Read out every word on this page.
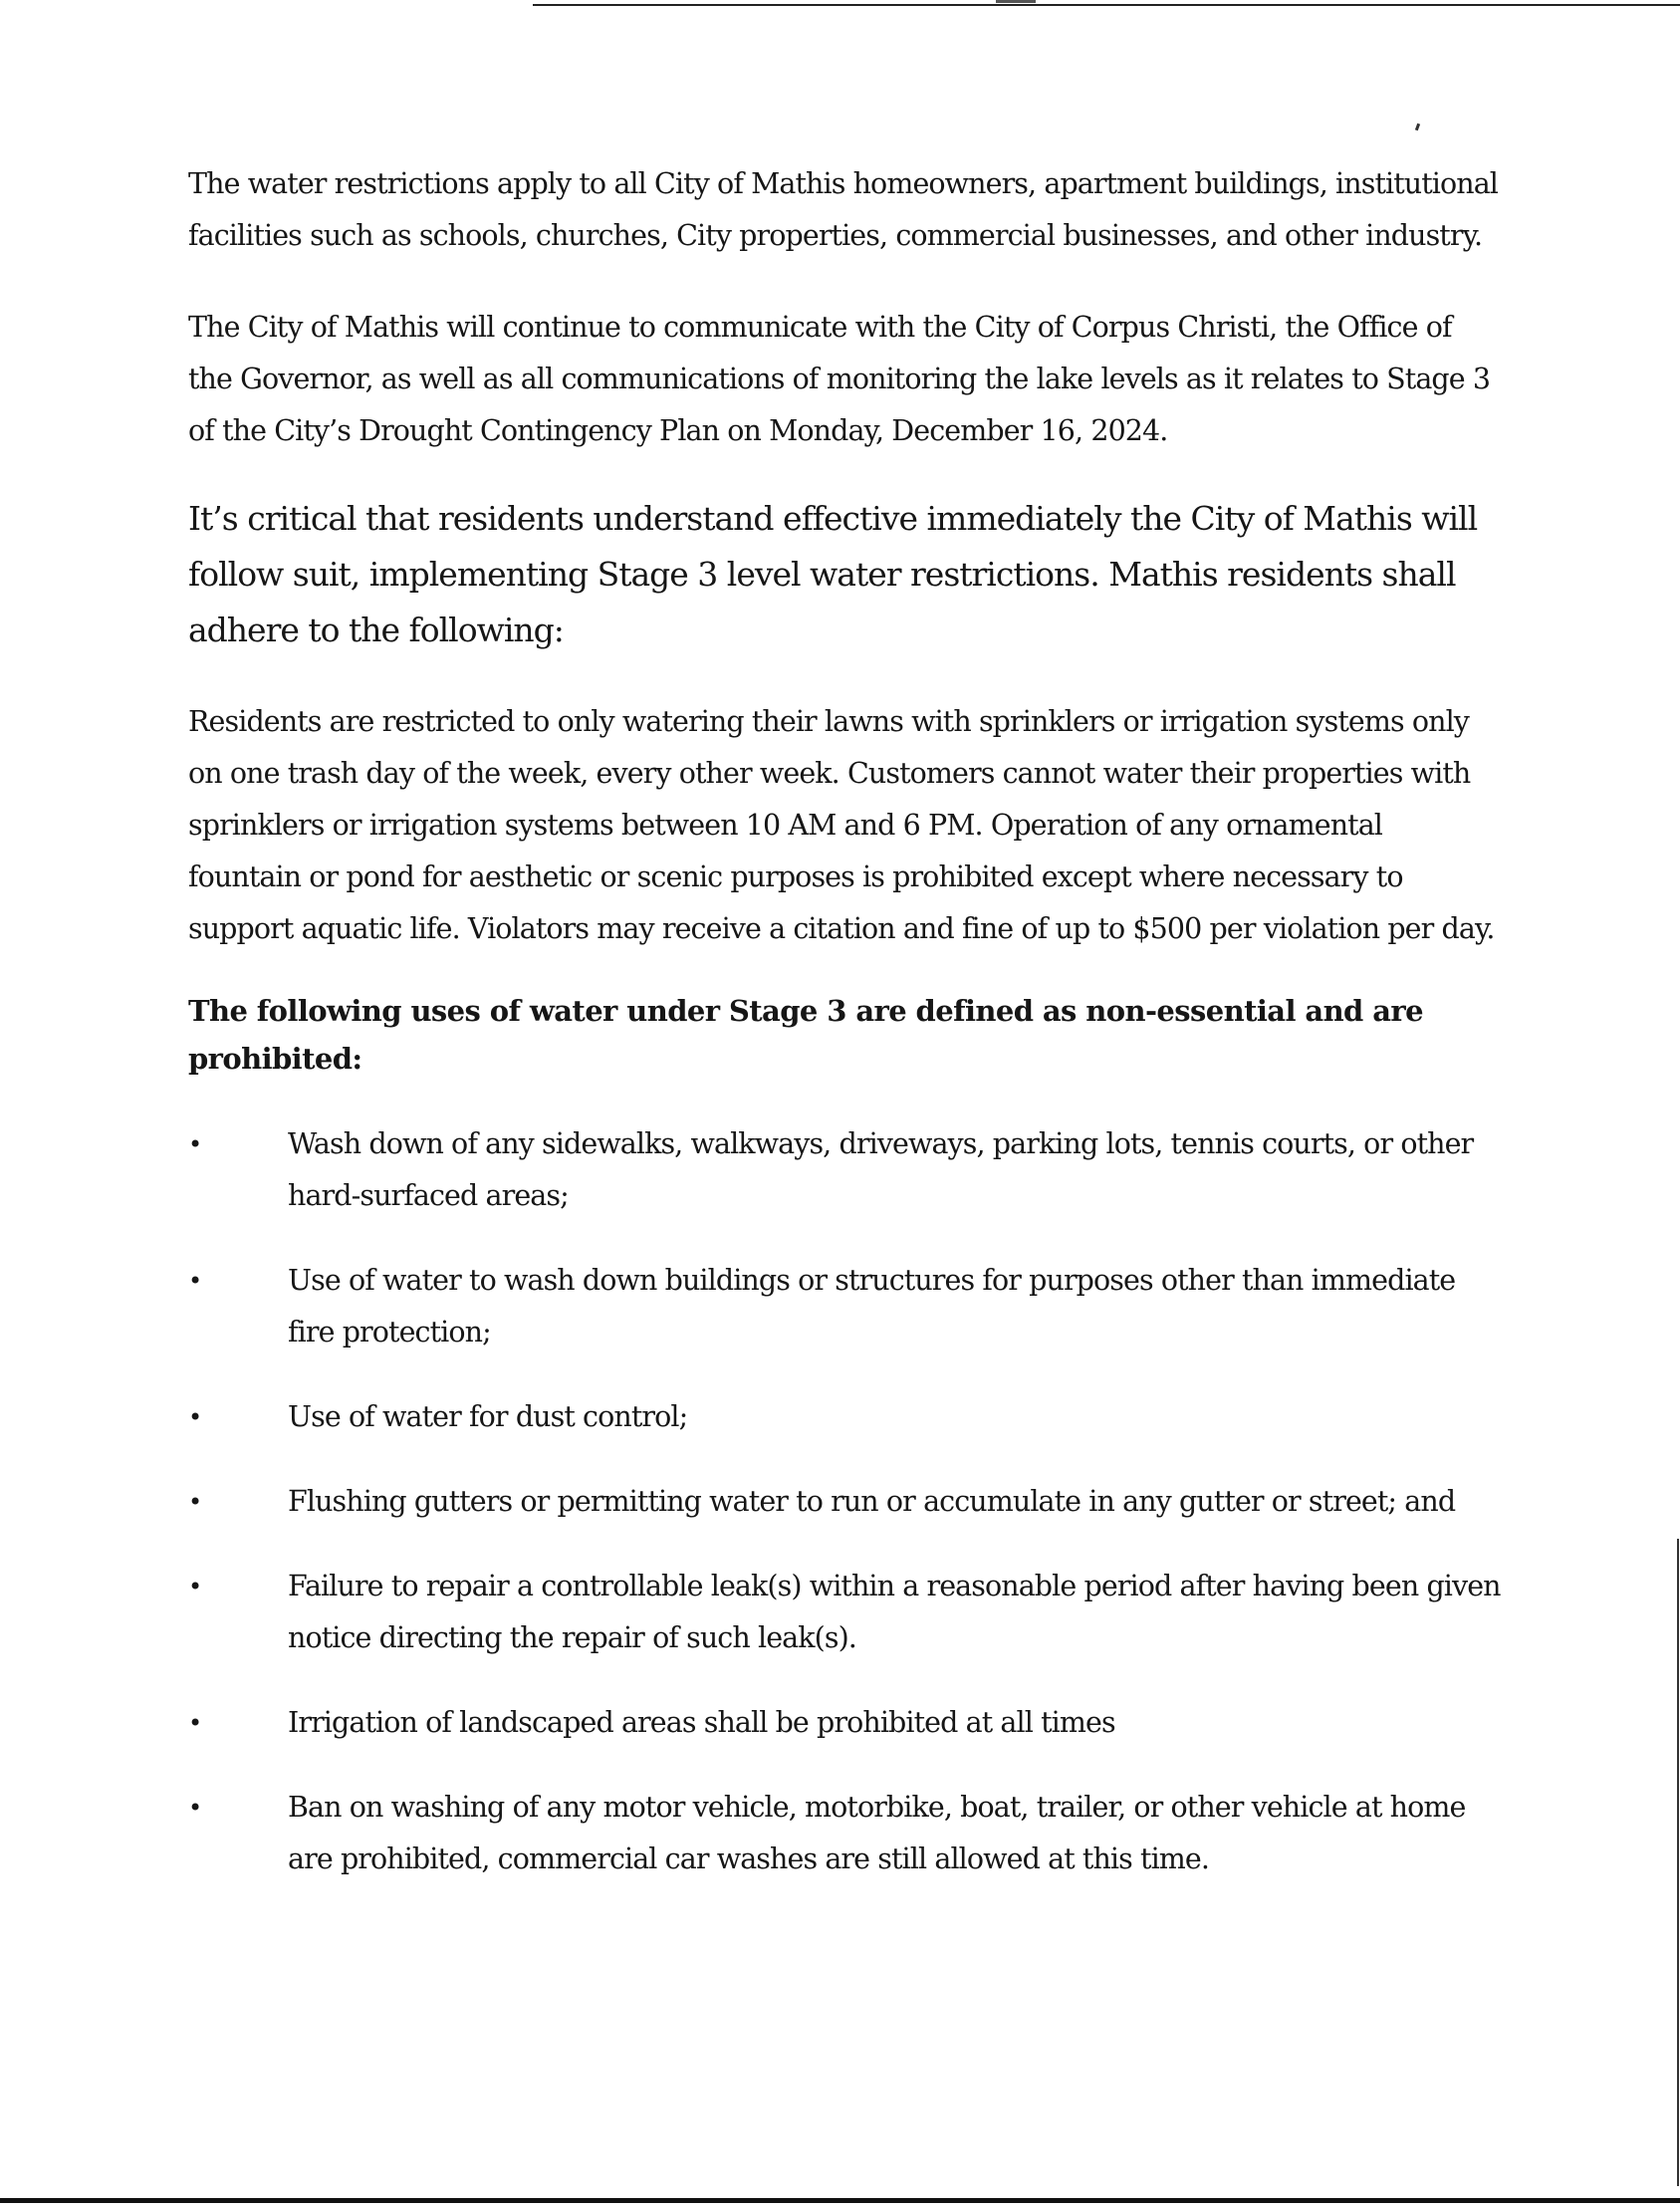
The water restrictions apply to all City of Mathis homeowners, apartment buildings, institutional facilities such as schools, churches, City properties, commercial businesses, and other industry.

The City of Mathis will continue to communicate with the City of Corpus Christi, the Office of the Governor, as well as all communications of monitoring the lake levels as it relates to Stage 3 of the City’s Drought Contingency Plan on Monday, December 16, 2024.

It’s critical that residents understand effective immediately the City of Mathis will follow suit, implementing Stage 3 level water restrictions. Mathis residents shall adhere to the following:

Residents are restricted to only watering their lawns with sprinklers or irrigation systems only on one trash day of the week, every other week. Customers cannot water their properties with sprinklers or irrigation systems between 10 AM and 6 PM. Operation of any ornamental fountain or pond for aesthetic or scenic purposes is prohibited except where necessary to support aquatic life. Violators may receive a citation and fine of up to $500 per violation per day.

The following uses of water under Stage 3 are defined as non-essential and are prohibited:

•	Wash down of any sidewalks, walkways, driveways, parking lots, tennis courts, or other hard-surfaced areas;
•	Use of water to wash down buildings or structures for purposes other than immediate fire protection;
•	Use of water for dust control;
•	Flushing gutters or permitting water to run or accumulate in any gutter or street; and
•	Failure to repair a controllable leak(s) within a reasonable period after having been given notice directing the repair of such leak(s).
•	Irrigation of landscaped areas shall be prohibited at all times
•	Ban on washing of any motor vehicle, motorbike, boat, trailer, or other vehicle at home are prohibited, commercial car washes are still allowed at this time.
